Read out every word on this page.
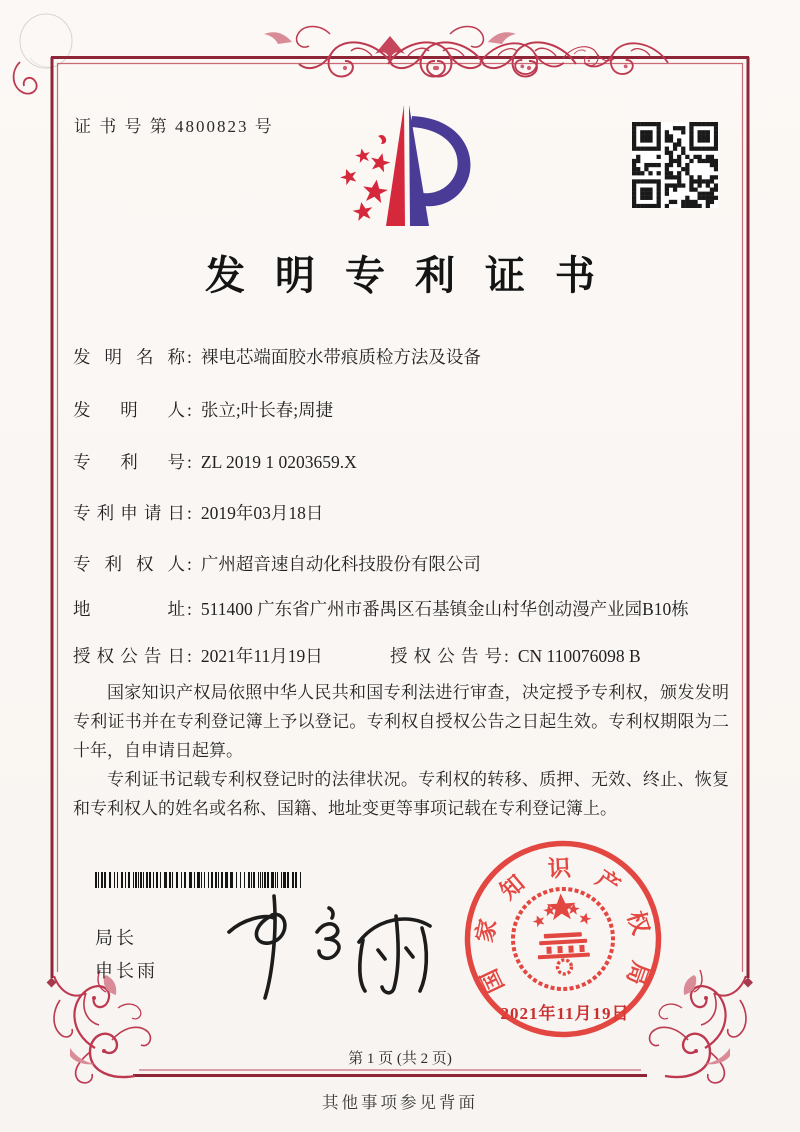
证 书 号 第 4800823 号
发明专利证书
发明名称 : 裸电芯端面胶水带痕质检方法及设备
发明人 : 张立;叶长春;周捷
专利号 : ZL 2019 1 0203659.X
专利申请日 : 2019年03月18日
专利权人 : 广州超音速自动化科技股份有限公司
地址 : 511400 广东省广州市番禺区石基镇金山村华创动漫产业园B10栋
授权公告日 : 2021年11月19日	授权公告号 : CN 110076098 B

国家知识产权局依照中华人民共和国专利法进行审查，决定授予专利权，颁发发明专利证书并在专利登记簿上予以登记。专利权自授权公告之日起生效。专利权期限为二十年，自申请日起算。

专利证书记载专利权登记时的法律状况。专利权的转移、质押、无效、终止、恢复和专利权人的姓名或名称、国籍、地址变更等事项记载在专利登记簿上。

局长
申长雨
2021年11月19日
国
家
知
识 产
权
局
第 1 页 (共 2 页)
其他事项参见背面
